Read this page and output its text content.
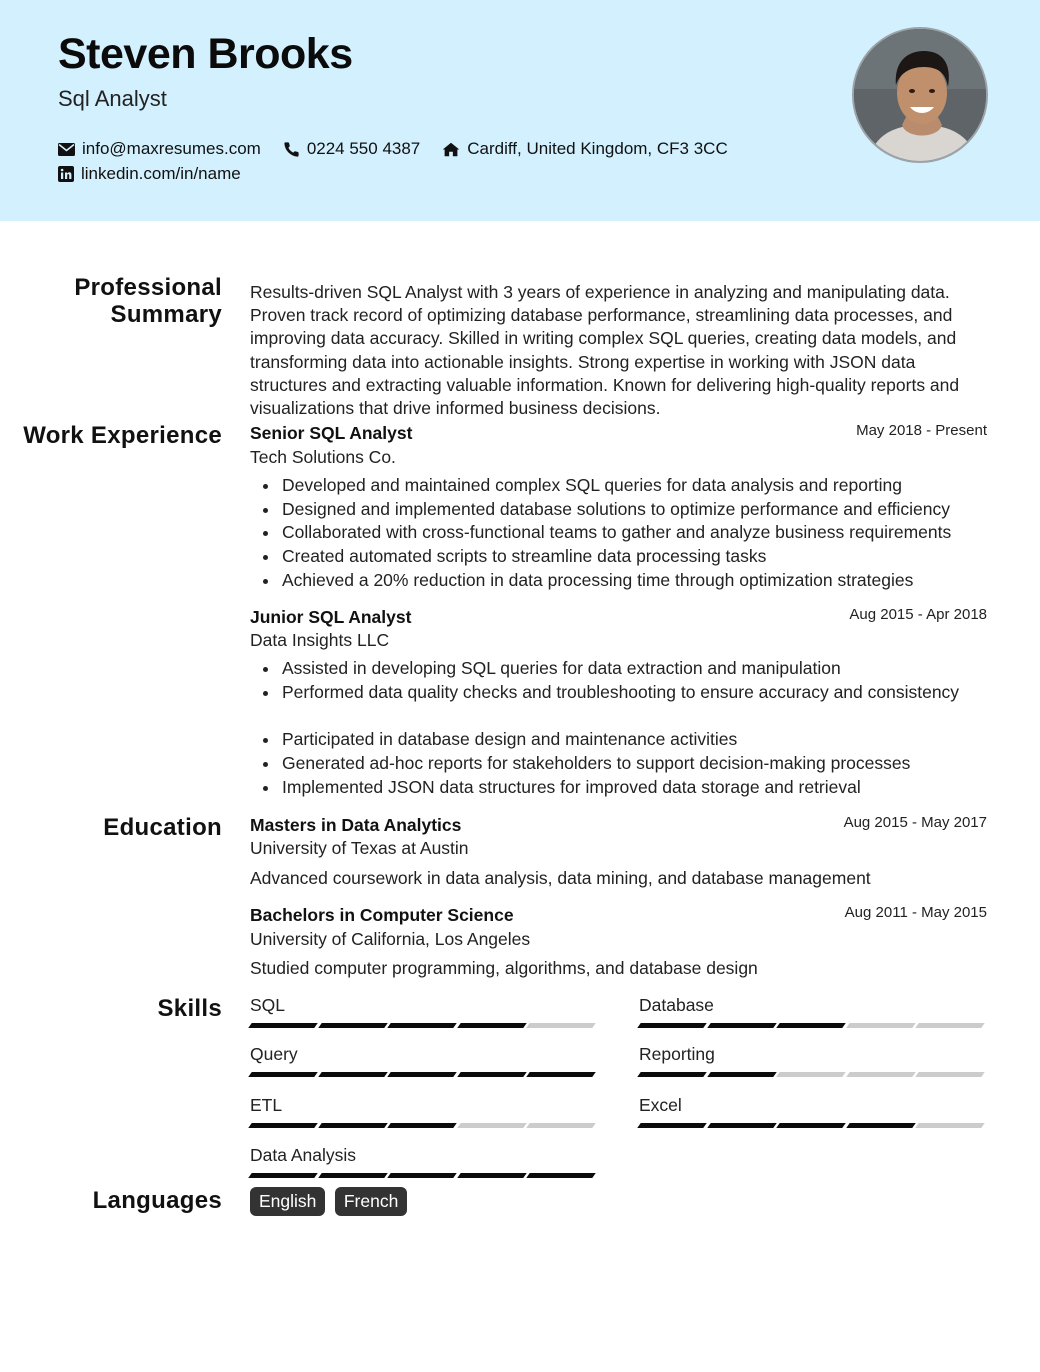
Steven Brooks
Sql Analyst
info@maxresumes.com	0224 550 4387	Cardiff, United Kingdom, CF3 3CC
linkedin.com/in/name
Professional Summary
Work Experience
Education
Skills
Languages
Results-driven SQL Analyst with 3 years of experience in analyzing and manipulating data. Proven track record of optimizing database performance, streamlining data processes, and improving data accuracy. Skilled in writing complex SQL queries, creating data models, and transforming data into actionable insights. Strong expertise in working with JSON data structures and extracting valuable information. Known for delivering high-quality reports and visualizations that drive informed business decisions.
Senior SQL Analyst	May 2018 - Present
Tech Solutions Co.
Developed and maintained complex SQL queries for data analysis and reporting
Designed and implemented database solutions to optimize performance and efficiency
Collaborated with cross-functional teams to gather and analyze business requirements
Created automated scripts to streamline data processing tasks
Achieved a 20% reduction in data processing time through optimization strategies
Junior SQL Analyst	Aug 2015 - Apr 2018
Data Insights LLC
Assisted in developing SQL queries for data extraction and manipulation
Performed data quality checks and troubleshooting to ensure accuracy and consistency
Participated in database design and maintenance activities
Generated ad-hoc reports for stakeholders to support decision-making processes
Implemented JSON data structures for improved data storage and retrieval
Masters in Data Analytics	Aug 2015 - May 2017
University of Texas at Austin
Advanced coursework in data analysis, data mining, and database management
Bachelors in Computer Science	Aug 2011 - May 2015
University of California, Los Angeles
Studied computer programming, algorithms, and database design
SQL	Database
Query	Reporting
ETL	Excel
Data Analysis
English French
